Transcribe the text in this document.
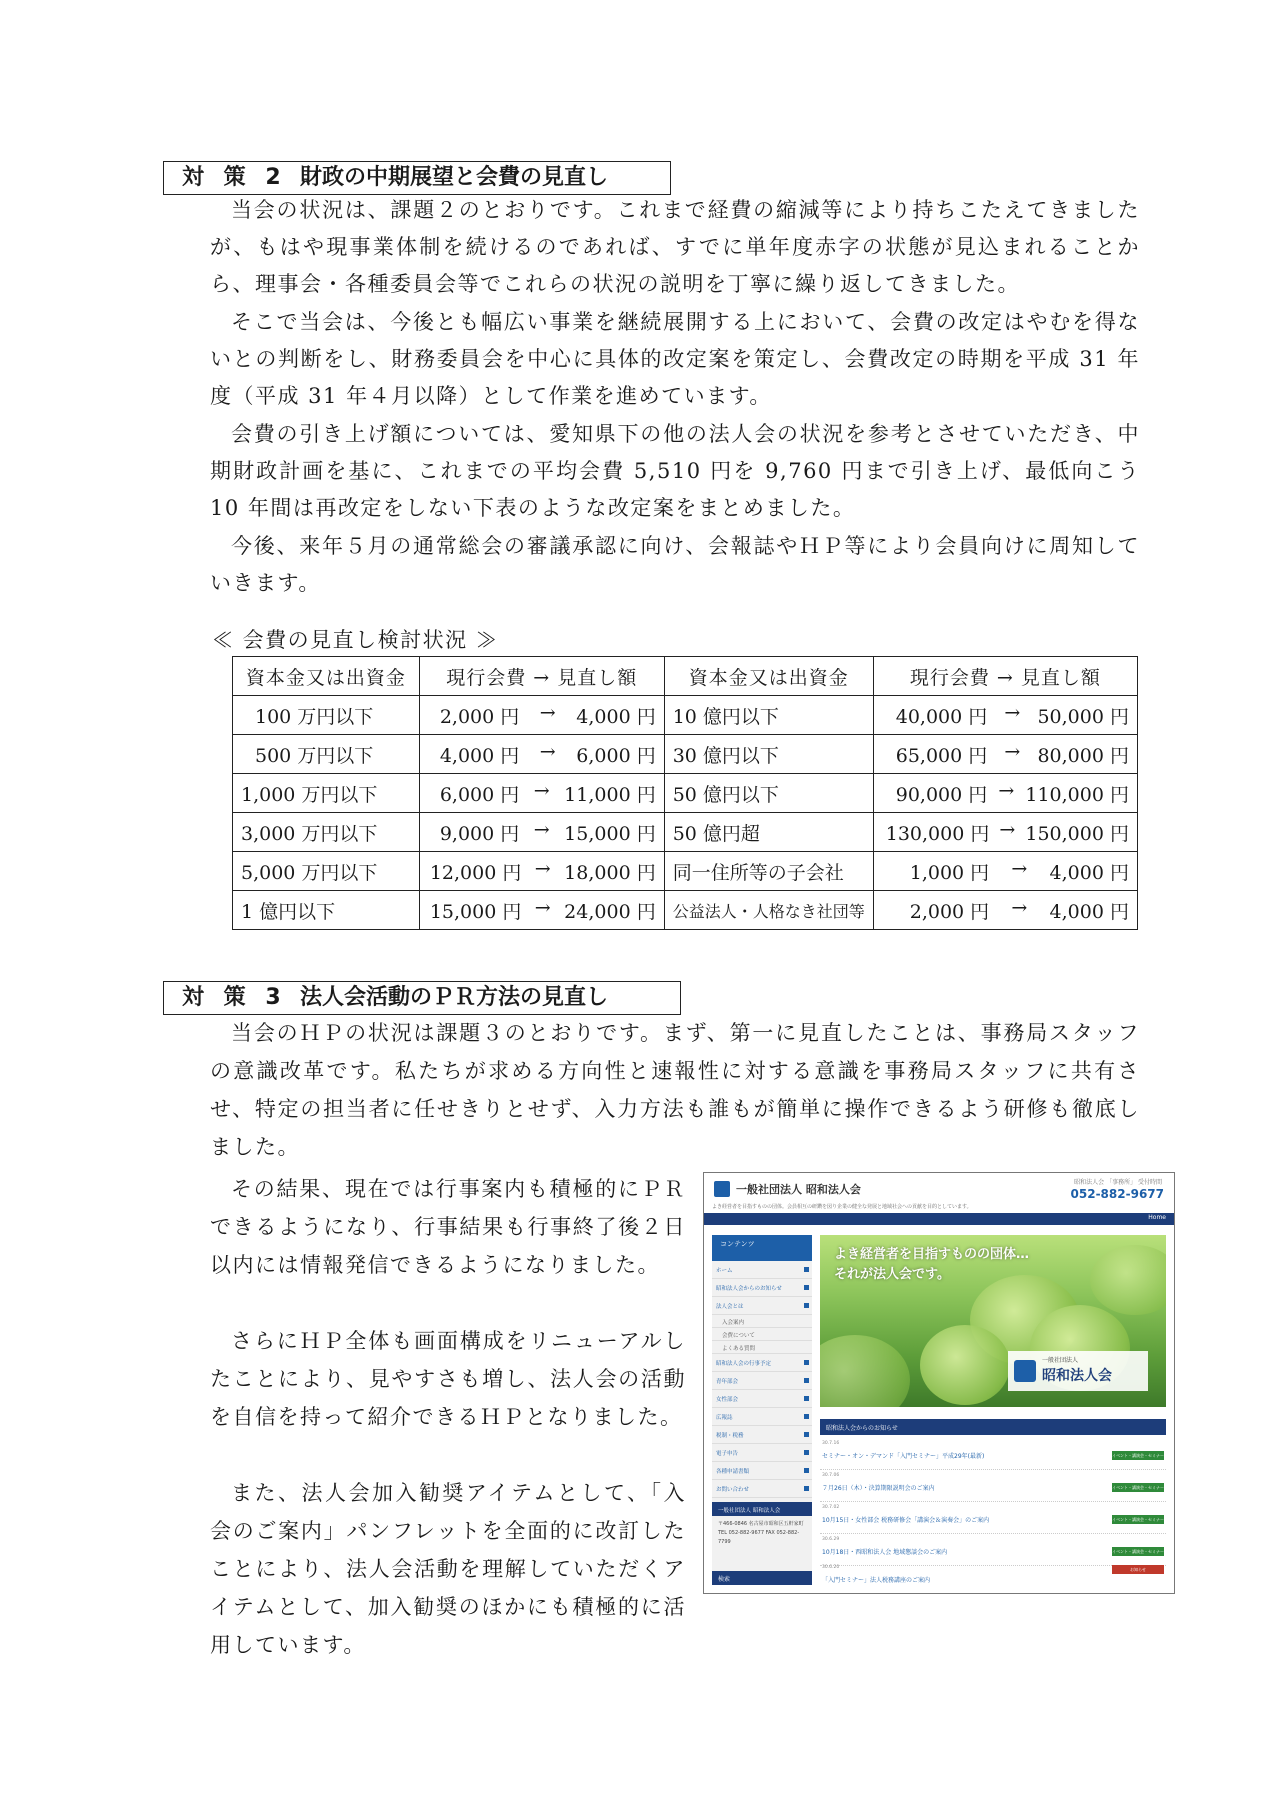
対 策 2 財政の中期展望と会費の見直し
当会の状況は、課題２のとおりです。これまで経費の縮減等により持ちこたえてきましたが、もはや現事業体制を続けるのであれば、すでに単年度赤字の状態が見込まれることから、理事会・各種委員会等でこれらの状況の説明を丁寧に繰り返してきました。
そこで当会は、今後とも幅広い事業を継続展開する上において、会費の改定はやむを得ないとの判断をし、財務委員会を中心に具体的改定案を策定し、会費改定の時期を平成 31 年度（平成 31 年４月以降）として作業を進めています。
会費の引き上げ額については、愛知県下の他の法人会の状況を参考とさせていただき、中期財政計画を基に、これまでの平均会費 5,510 円を 9,760 円まで引き上げ、最低向こう 10 年間は再改定をしない下表のような改定案をまとめました。
今後、来年５月の通常総会の審議承認に向け、会報誌やＨＰ等により会員向けに周知していきます。
≪ 会費の見直し検討状況 ≫
資本金又は出資金	現行会費 → 見直し額	資本金又は出資金	現行会費 → 見直し額
100 万円以下	2,000 円 → 4,000 円	10 億円以下	40,000 円 → 50,000 円

500 万円以下	4,000 円 → 6,000 円	30 億円以下	65,000 円 → 80,000 円

1,000 万円以下	6,000 円 → 11,000 円	50 億円以下	90,000 円 → 110,000 円

3,000 万円以下	9,000 円 → 15,000 円	50 億円超	130,000 円 → 150,000 円

5,000 万円以下	12,000 円 → 18,000 円	同一住所等の子会社	1,000 円 → 4,000 円

1 億円以下	15,000 円 → 24,000 円	公益法人・人格なき社団等	2,000 円 → 4,000 円
対 策 3 法人会活動のＰＲ方法の見直し
当会のＨＰの状況は課題３のとおりです。まず、第一に見直したことは、事務局スタッフの意識改革です。私たちが求める方向性と速報性に対する意識を事務局スタッフに共有させ、特定の担当者に任せきりとせず、入力方法も誰もが簡単に操作できるよう研修も徹底しました。
その結果、現在では行事案内も積極的にＰＲできるようになり、行事結果も行事終了後２日以内には情報発信できるようになりました。
さらにＨＰ全体も画面構成をリニューアルしたことにより、見やすさも増し、法人会の活動を自信を持って紹介できるＨＰとなりました。
また、法人会加入勧奨アイテムとして、「入会のご案内」パンフレットを全面的に改訂したことにより、法人会活動を理解していただくアイテムとして、加入勧奨のほかにも積極的に活用しています。
一般社団法人 昭和法人会
昭和法人会 「事務所」 受付時間
052-882-9677
よき経営者を目指すものの団体。会員相互の研鑽を図り企業の健全な発展と地域社会への貢献を目的としています。
Home
コンテンツ
ホーム
昭和法人会からのお知らせ
法人会とは
入会案内
会費について
よくある質問
昭和法人会の行事予定
青年部会
女性部会
広報誌
税制・税務
電子申告
各種申請書類
お問い合わせ
一般社団法人 昭和法人会
〒466-0846 名古屋市昭和区五軒家町 TEL 052-882-9677 FAX 052-882-7799
検索
よき経営者を目指すものの団体…
それが法人会です。
一般社団法人
昭和法人会
昭和法人会からのお知らせ
30.7.16
セミナー・オン・デマンド「入門セミナー」平成29年(最新)	イベント・講演会・セミナー
30.7.06
７月26日（木）・決算期限説明会のご案内	イベント・講演会・セミナー
30.7.02
10月15日・女性部会 税務研修会「講演会＆演奏会」のご案内	イベント・講演会・セミナー
30.6.29
10月18日・西昭和法人会 地域懇談会のご案内	イベント・講演会・セミナー
30.6.20
「入門セミナー」法人税務講座のご案内
お知らせ
